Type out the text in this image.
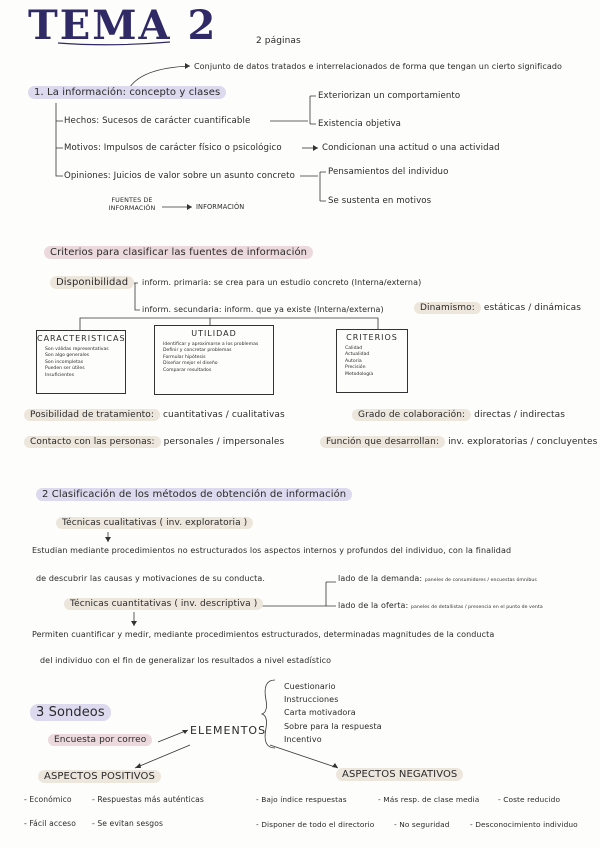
TEMA 2	2 páginas
Conjunto de datos tratados e interrelacionados de forma que tengan un cierto significado
1. La información: concepto y clases
Hechos: Sucesos de carácter cuantificable
Exteriorizan un comportamiento
Existencia objetiva
Motivos: Impulsos de carácter físico o psicológico	Condicionan una actitud o una actividad
Opiniones: Juicios de valor sobre un asunto concreto	Pensamientos del individuo
Se sustenta en motivos
FUENTES DE INFORMACIÓN	INFORMACIÓN
Criterios para clasificar las fuentes de información
Disponibilidad	inform. primaria: se crea para un estudio concreto (Interna/externa)
inform. secundaria: inform. que ya existe (Interna/externa)	Dinamismo: estáticas / dinámicas
CARACTERISTICAS
Son válidas representativas
Son algo generales
Son incompletas
Pueden ser útiles
Insuficientes
UTILIDAD
Identificar y aproximarse a los problemas
Definir y concretar problemas
Formular hipótesis
Diseñar mejor el diseño
Comparar resultados
CRITERIOS
Calidad
Actualidad
Autoría
Precisión
Metodología
Posibilidad de tratamiento: cuantitativas / cualitativas	Grado de colaboración: directas / indirectas
Contacto con las personas: personales / impersonales	Función que desarrollan: inv. exploratorias / concluyentes
2 Clasificación de los métodos de obtención de información
Técnicas cualitativas ( inv. exploratoria )
Estudian mediante procedimientos no estructurados los aspectos internos y profundos del individuo, con la finalidad
de descubrir las causas y motivaciones de su conducta.	lado de la demanda: paneles de consumidores / encuestas ómnibus
Técnicas cuantitativas ( inv. descriptiva )	lado de la oferta: paneles de detallistas / presencia en el punto de venta
Permiten cuantificar y medir, mediante procedimientos estructurados, determinadas magnitudes de la conducta
del individuo con el fin de generalizar los resultados a nivel estadístico
3 Sondeos
Encuesta por correo
ELEMENTOS
Cuestionario
Instrucciones
Carta motivadora
Sobre para la respuesta
Incentivo
ASPECTOS POSITIVOS	ASPECTOS NEGATIVOS
- Económico	- Respuestas más auténticas
- Fácil acceso - Se evitan sesgos
- Bajo índice respuestas	- Más resp. de clase media	- Coste reducido
- Disponer de todo el directorio	- No seguridad	- Desconocimiento individuo
